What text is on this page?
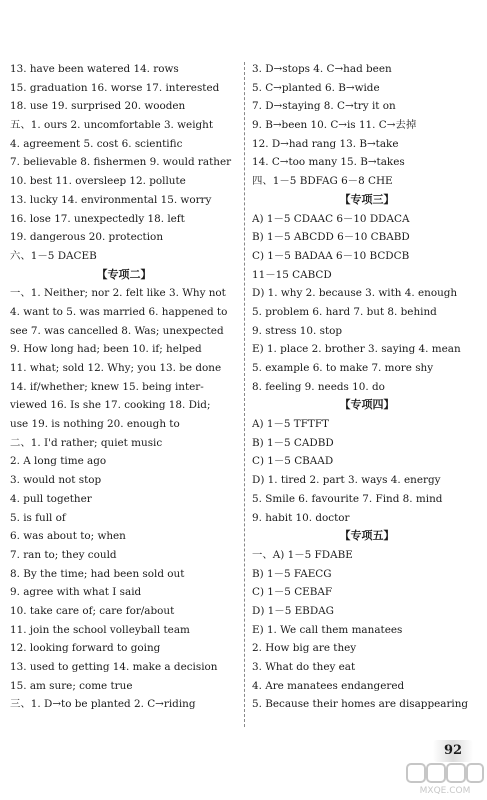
13. have been watered 14. rows
15. graduation 16. worse 17. interested
18. use 19. surprised 20. wooden
五、1. ours 2. uncomfortable 3. weight
4. agreement 5. cost 6. scientific
7. believable 8. fishermen 9. would rather
10. best 11. oversleep 12. pollute
13. lucky 14. environmental 15. worry
16. lose 17. unexpectedly 18. left
19. dangerous 20. protection
六、1－5 DACEB
【专项二】
一、1. Neither; nor 2. felt like 3. Why not
4. want to 5. was married 6. happened to
see 7. was cancelled 8. Was; unexpected
9. How long had; been 10. if; helped
11. what; sold 12. Why; you 13. be done
14. if/whether; knew 15. being inter-
viewed 16. Is she 17. cooking 18. Did;
use 19. is nothing 20. enough to
二、1. I'd rather; quiet music
2. A long time ago
3. would not stop
4. pull together
5. is full of
6. was about to; when
7. ran to; they could
8. By the time; had been sold out
9. agree with what I said
10. take care of; care for/about
11. join the school volleyball team
12. looking forward to going
13. used to getting 14. make a decision
15. am sure; come true
三、1. D→to be planted 2. C→riding
3. D→stops 4. C→had been
5. C→planted 6. B→wide
7. D→staying 8. C→try it on
9. B→been 10. C→is 11. C→去掉
12. D→had rang 13. B→take
14. C→too many 15. B→takes
四、1－5 BDFAG 6－8 CHE
【专项三】
A) 1－5 CDAAC 6－10 DDACA
B) 1－5 ABCDD 6－10 CBABD
C) 1－5 BADAA 6－10 BCDCB
11－15 CABCD
D) 1. why 2. because 3. with 4. enough
5. problem 6. hard 7. but 8. behind
9. stress 10. stop
E) 1. place 2. brother 3. saying 4. mean
5. example 6. to make 7. more shy
8. feeling 9. needs 10. do
【专项四】
A) 1－5 TFTFT
B) 1－5 CADBD
C) 1－5 CBAAD
D) 1. tired 2. part 3. ways 4. energy
5. Smile 6. favourite 7. Find 8. mind
9. habit 10. doctor
【专项五】
一、A) 1－5 FDABE
B) 1－5 FAECG
C) 1－5 CEBAF
D) 1－5 EBDAG
E) 1. We call them manatees
2. How big are they
3. What do they eat
4. Are manatees endangered
5. Because their homes are disappearing
92
MXQE.COM
